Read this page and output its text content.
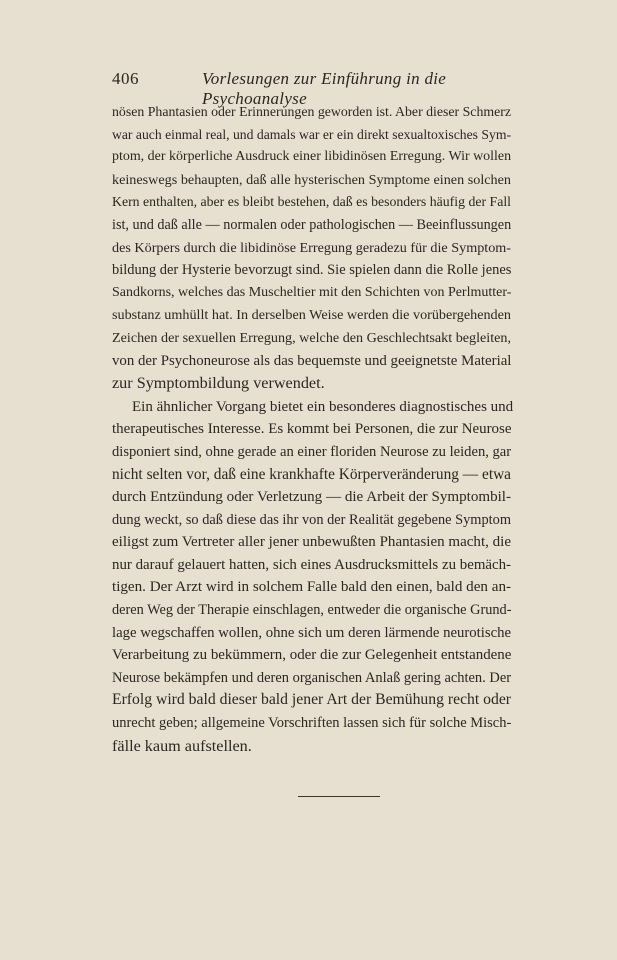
406	Vorlesungen zur Einführung in die Psychoanalyse
nösen Phantasien oder Erinnerungen geworden ist. Aber dieser Schmerz
war auch einmal real, und damals war er ein direkt sexualtoxisches Sym-
ptom, der körperliche Ausdruck einer libidinösen Erregung. Wir wollen
keineswegs behaupten, daß alle hysterischen Symptome einen solchen
Kern enthalten, aber es bleibt bestehen, daß es besonders häufig der Fall
ist, und daß alle — normalen oder pathologischen — Beeinflussungen
des Körpers durch die libidinöse Erregung geradezu für die Symptom-
bildung der Hysterie bevorzugt sind. Sie spielen dann die Rolle jenes
Sandkorns, welches das Muscheltier mit den Schichten von Perlmutter-
substanz umhüllt hat. In derselben Weise werden die vorübergehenden
Zeichen der sexuellen Erregung, welche den Geschlechtsakt begleiten,
von der Psychoneurose als das bequemste und geeignetste Material
zur Symptombildung verwendet.
Ein ähnlicher Vorgang bietet ein besonderes diagnostisches und
therapeutisches Interesse. Es kommt bei Personen, die zur Neurose
disponiert sind, ohne gerade an einer floriden Neurose zu leiden, gar
nicht selten vor, daß eine krankhafte Körperveränderung — etwa
durch Entzündung oder Verletzung — die Arbeit der Symptombil-
dung weckt, so daß diese das ihr von der Realität gegebene Symptom
eiligst zum Vertreter aller jener unbewußten Phantasien macht, die
nur darauf gelauert hatten, sich eines Ausdrucksmittels zu bemäch-
tigen. Der Arzt wird in solchem Falle bald den einen, bald den an-
deren Weg der Therapie einschlagen, entweder die organische Grund-
lage wegschaffen wollen, ohne sich um deren lärmende neurotische
Verarbeitung zu bekümmern, oder die zur Gelegenheit entstandene
Neurose bekämpfen und deren organischen Anlaß gering achten. Der
Erfolg wird bald dieser bald jener Art der Bemühung recht oder
unrecht geben; allgemeine Vorschriften lassen sich für solche Misch-
fälle kaum aufstellen.
